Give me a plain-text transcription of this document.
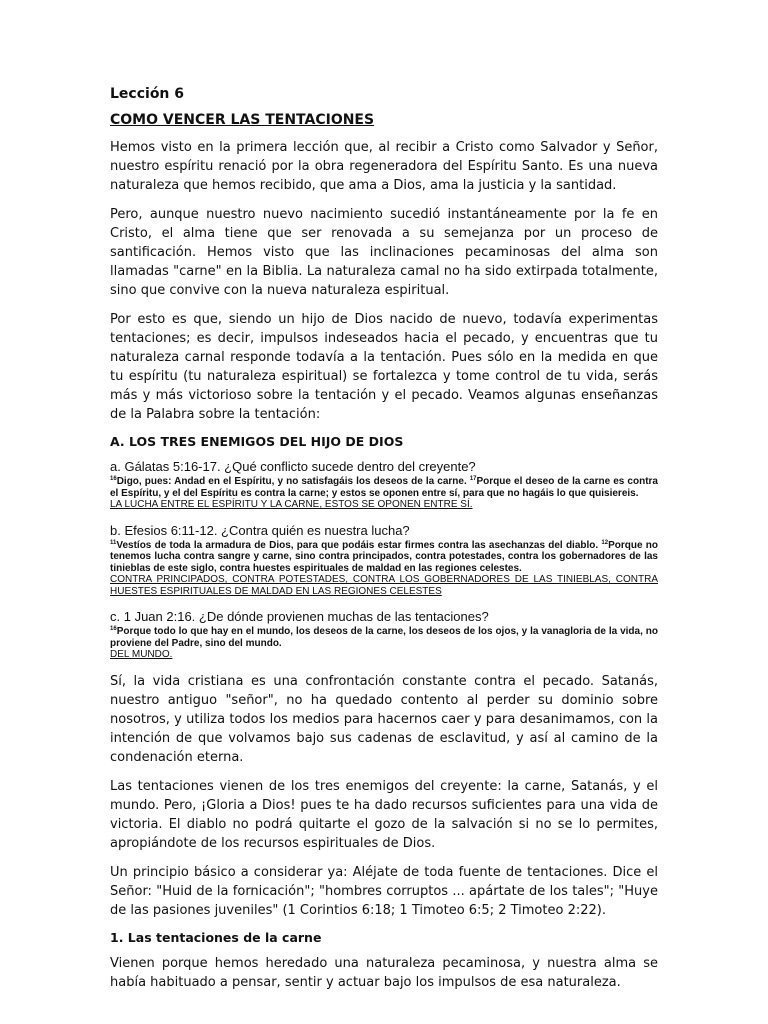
Lección 6
COMO VENCER LAS TENTACIONES

Hemos visto en la primera lección que, al recibir a Cristo como Salvador y Señor, nuestro espíritu renació por la obra regeneradora del Espíritu Santo. Es una nueva naturaleza que hemos recibido, que ama a Dios, ama la justicia y la santidad.

Pero, aunque nuestro nuevo nacimiento sucedió instantáneamente por la fe en Cristo, el alma tiene que ser renovada a su semejanza por un proceso de santificación. Hemos visto que las inclinaciones pecaminosas del alma son llamadas "carne" en la Biblia. La naturaleza camal no ha sido extirpada totalmente, sino que convive con la nueva naturaleza espiritual.

Por esto es que, siendo un hijo de Dios nacido de nuevo, todavía experimentas tentaciones; es decir, impulsos indeseados hacia el pecado, y encuentras que tu naturaleza carnal responde todavía a la tentación. Pues sólo en la medida en que tu espíritu (tu naturaleza espiritual) se fortalezca y tome control de tu vida, serás más y más victorioso sobre la tentación y el pecado. Veamos algunas enseñanzas de la Palabra sobre la tentación:

A. LOS TRES ENEMIGOS DEL HIJO DE DIOS
a. Gálatas 5:16-17. ¿Qué conflicto sucede dentro del creyente?
$^{16}$Digo, pues: Andad en el Espíritu, y no satisfagáis los deseos de la carne. $^{17}$Porque el deseo de la carne es contra el Espíritu, y el del Espíritu es contra la carne; y estos se oponen entre sí, para que no hagáis lo que quisiereis.
LA LUCHA ENTRE EL ESPÍRITU Y LA CARNE, ESTOS SE OPONEN ENTRE SÍ.
b. Efesios 6:11-12. ¿Contra quién es nuestra lucha?
$^{11}$Vestíos de toda la armadura de Dios, para que podáis estar firmes contra las asechanzas del diablo. $^{12}$Porque no tenemos lucha contra sangre y carne, sino contra principados, contra potestades, contra los gobernadores de las tinieblas de este siglo, contra huestes espirituales de maldad en las regiones celestes.
CONTRA PRINCIPADOS, CONTRA POTESTADES, CONTRA LOS GOBERNADORES DE LAS TINIEBLAS, CONTRA HUESTES ESPIRITUALES DE MALDAD EN LAS REGIONES CELESTES
c. 1 Juan 2:16. ¿De dónde provienen muchas de las tentaciones?
$^{16}$Porque todo lo que hay en el mundo, los deseos de la carne, los deseos de los ojos, y la vanagloria de la vida, no proviene del Padre, sino del mundo.
DEL MUNDO.

Sí, la vida cristiana es una confrontación constante contra el pecado. Satanás, nuestro antiguo "señor", no ha quedado contento al perder su dominio sobre nosotros, y utiliza todos los medios para hacernos caer y para desanimamos, con la intención de que volvamos bajo sus cadenas de esclavitud, y así al camino de la condenación eterna.

Las tentaciones vienen de los tres enemigos del creyente: la carne, Satanás, y el mundo. Pero, ¡Gloria a Dios! pues te ha dado recursos suficientes para una vida de victoria. El diablo no podrá quitarte el gozo de la salvación si no se lo permites, apropiándote de los recursos espirituales de Dios.

Un principio básico a considerar ya: Aléjate de toda fuente de tentaciones. Dice el Señor: "Huid de la fornicación"; "hombres corruptos ... apártate de los tales"; "Huye de las pasiones juveniles" (1 Corintios 6:18; 1 Timoteo 6:5; 2 Timoteo 2:22).

1. Las tentaciones de la carne

Vienen porque hemos heredado una naturaleza pecaminosa, y nuestra alma se había habituado a pensar, sentir y actuar bajo los impulsos de esa naturaleza.
